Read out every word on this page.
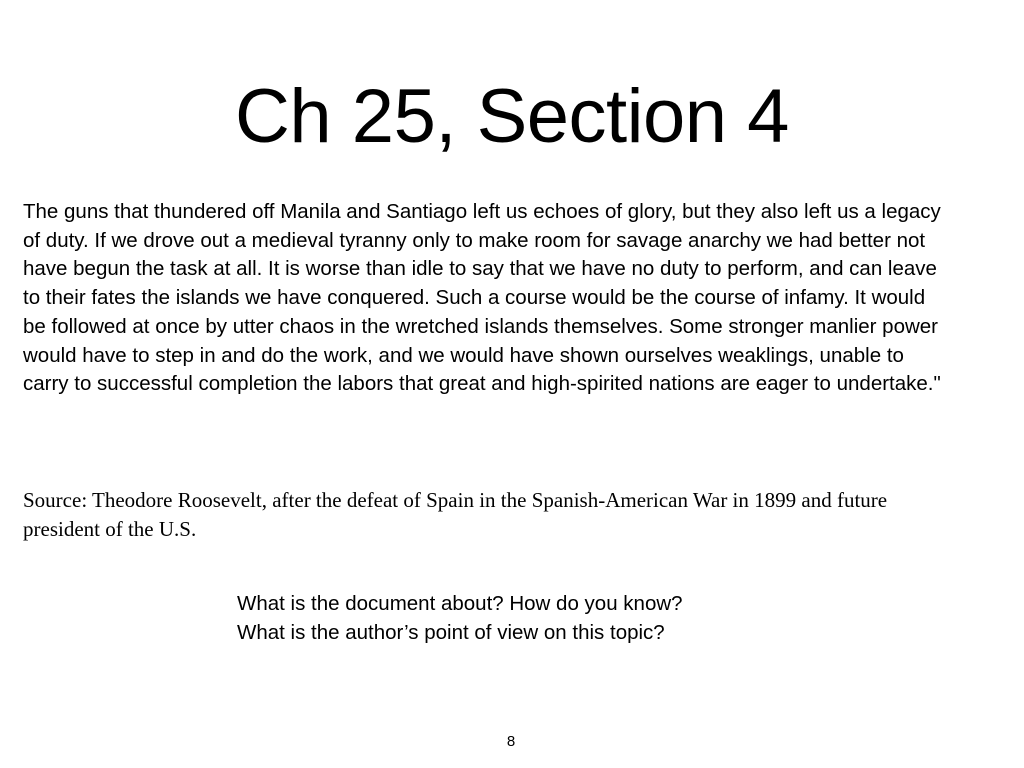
Ch 25, Section 4

The guns that thundered off Manila and Santiago left us echoes of glory, but they also left us a legacy of duty. If we drove out a medieval tyranny only to make room for savage anarchy we had better not have begun the task at all. It is worse than idle to say that we have no duty to perform, and can leave to their fates the islands we have conquered. Such a course would be the course of infamy. It would be followed at once by utter chaos in the wretched islands themselves. Some stronger manlier power would have to step in and do the work, and we would have shown ourselves weaklings, unable to carry to successful completion the labors that great and high-spirited nations are eager to undertake."

Source: Theodore Roosevelt, after the defeat of Spain in the Spanish-American War in 1899 and future president of the U.S.

What is the document about? How do you know?
What is the author’s point of view on this topic?
8
